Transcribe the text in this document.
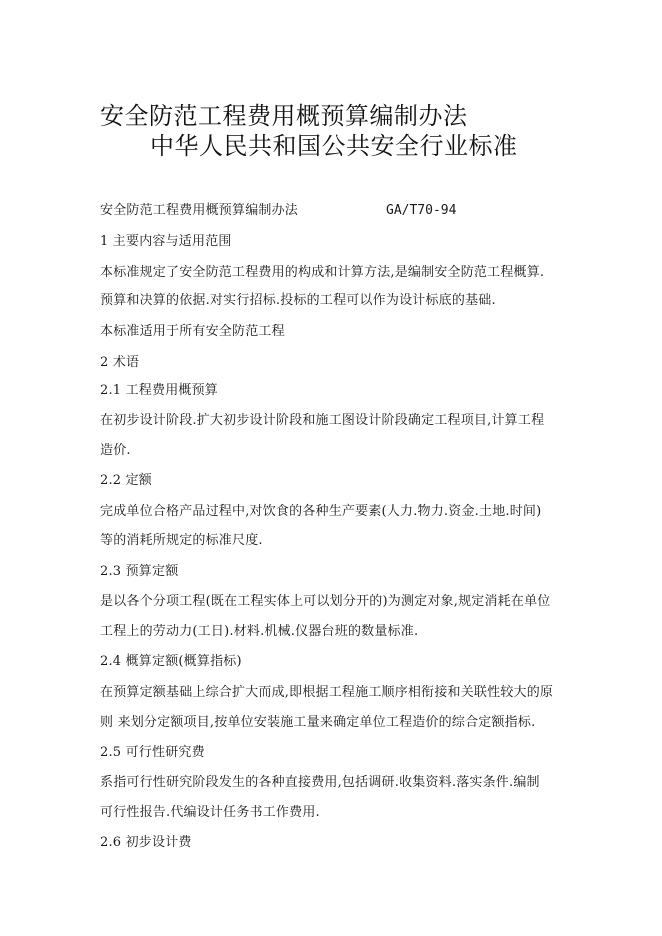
安全防范工程费用概预算编制办法
中华人民共和国公共安全行业标准
安全防范工程费用概预算编制办法	GA/T70-94
1 主要内容与适用范围
本标准规定了安全防范工程费用的构成和计算方法,是编制安全防范工程概算.
预算和决算的依据.对实行招标.投标的工程可以作为设计标底的基础.
本标准适用于所有安全防范工程
2 术语
2.1 工程费用概预算
在初步设计阶段.扩大初步设计阶段和施工图设计阶段确定工程项目,计算工程
造价.
2.2 定额
完成单位合格产品过程中,对饮食的各种生产要素(人力.物力.资金.土地.时间)
等的消耗所规定的标准尺度.
2.3 预算定额
是以各个分项工程(既在工程实体上可以划分开的)为测定对象,规定消耗在单位
工程上的劳动力(工日).材料.机械.仪器台班的数量标准.
2.4 概算定额(概算指标)
在预算定额基础上综合扩大而成,即根据工程施工顺序相衔接和关联性较大的原
则 来划分定额项目,按单位安装施工量来确定单位工程造价的综合定额指标.
2.5 可行性研究费
系指可行性研究阶段发生的各种直接费用,包括调研.收集资料.落实条件.编制
可行性报告.代编设计任务书工作费用.
2.6 初步设计费
